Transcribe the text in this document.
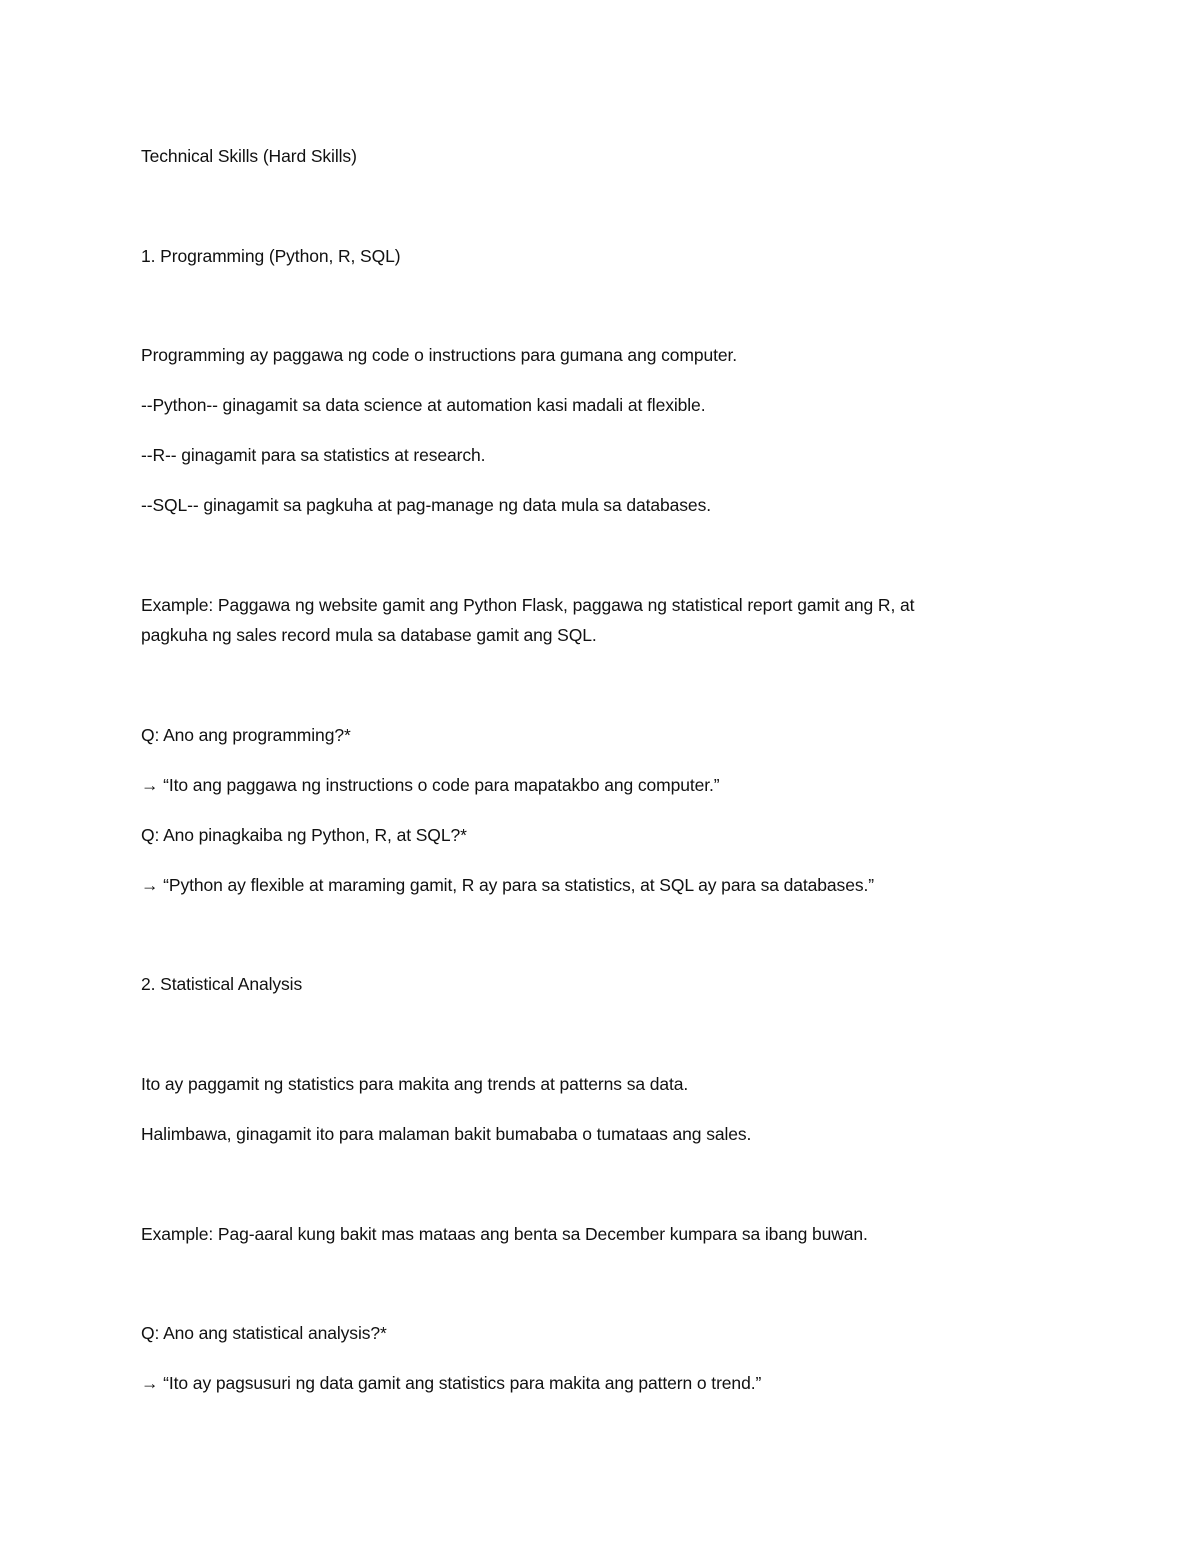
Technical Skills (Hard Skills)
1. Programming (Python, R, SQL)
Programming ay paggawa ng code o instructions para gumana ang computer.
--Python-- ginagamit sa data science at automation kasi madali at flexible.
--R-- ginagamit para sa statistics at research.
--SQL-- ginagamit sa pagkuha at pag-manage ng data mula sa databases.
Example: Paggawa ng website gamit ang Python Flask, paggawa ng statistical report gamit ang R, at
pagkuha ng sales record mula sa database gamit ang SQL.
Q: Ano ang programming?*
→ “Ito ang paggawa ng instructions o code para mapatakbo ang computer.”
Q: Ano pinagkaiba ng Python, R, at SQL?*
→ “Python ay flexible at maraming gamit, R ay para sa statistics, at SQL ay para sa databases.”
2. Statistical Analysis
Ito ay paggamit ng statistics para makita ang trends at patterns sa data.
Halimbawa, ginagamit ito para malaman bakit bumababa o tumataas ang sales.
Example: Pag-aaral kung bakit mas mataas ang benta sa December kumpara sa ibang buwan.
Q: Ano ang statistical analysis?*
→ “Ito ay pagsusuri ng data gamit ang statistics para makita ang pattern o trend.”
